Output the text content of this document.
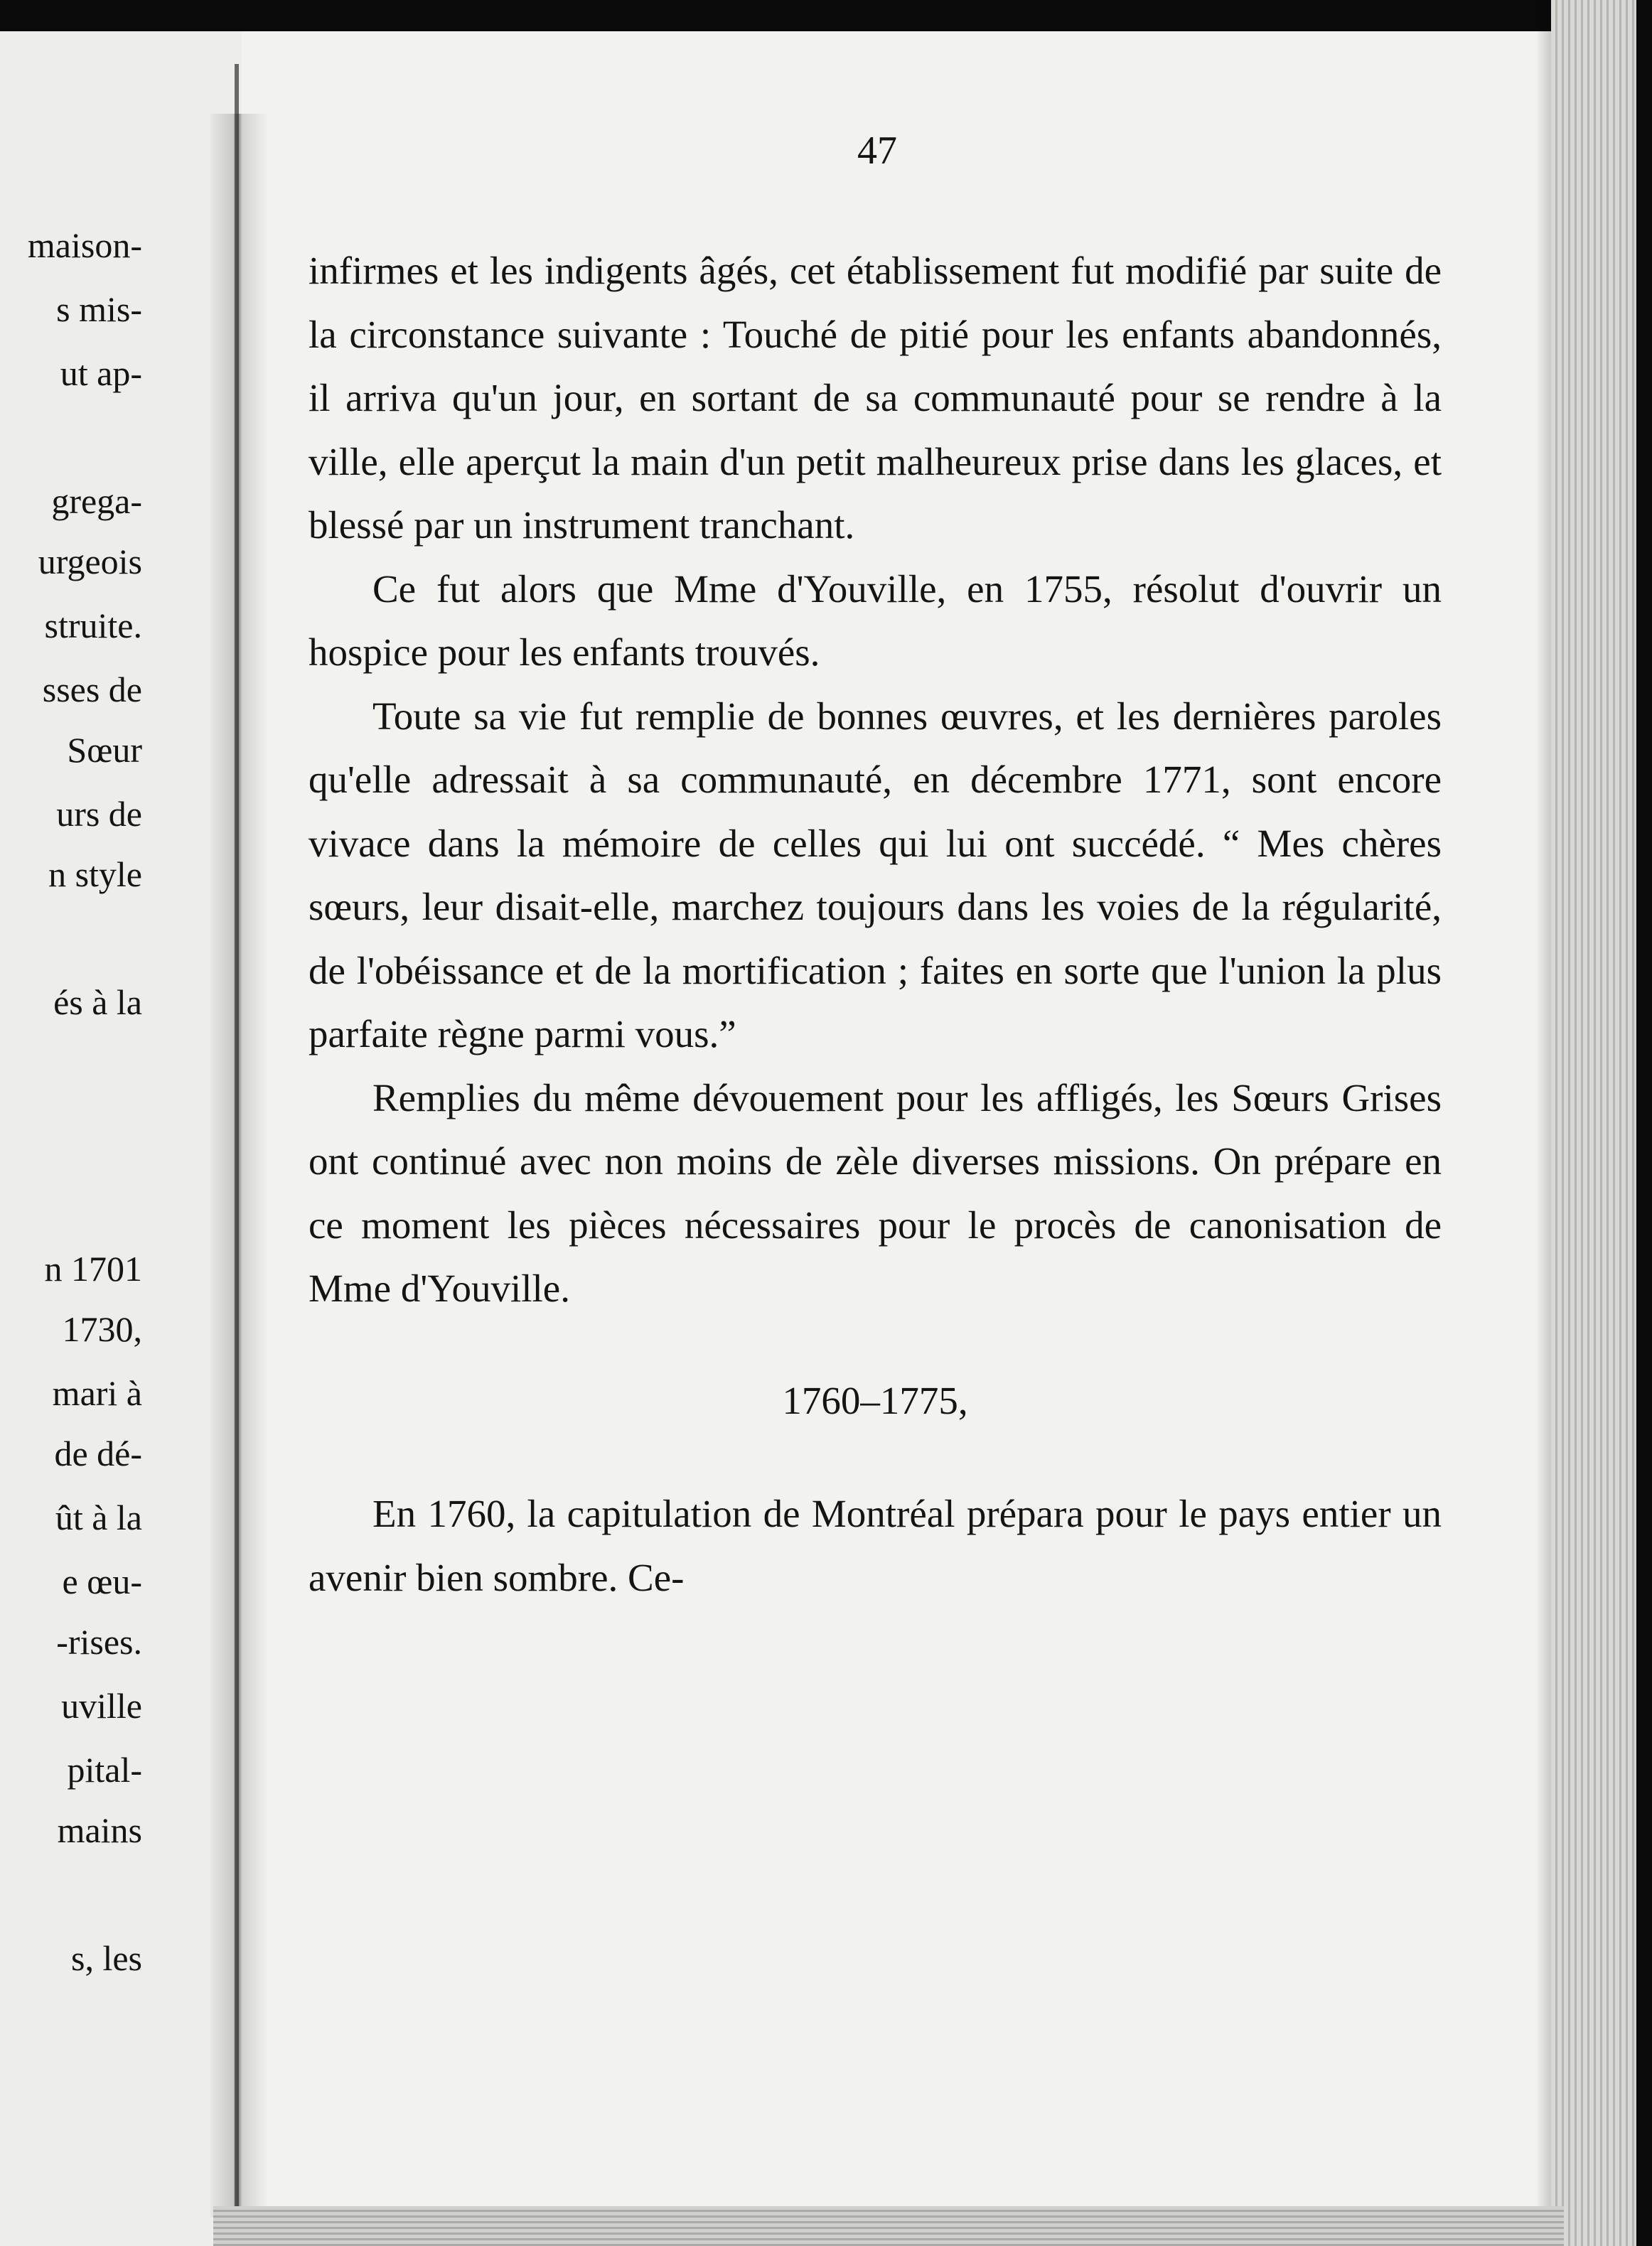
maison-
s mis-
ut ap-
grega-
urgeois
struite.
sses de
Sœur
urs de
n style
és à la
n 1701
1730,
mari à
de dé-
ût à la
e œu-
-rises.
uville
pital-
mains
s, les
47

infirmes et les indigents âgés, cet établissement fut modifié par suite de la circonstance suivante : Touché de pitié pour les enfants abandonnés, il arriva qu'un jour, en sortant de sa communauté pour se rendre à la ville, elle aperçut la main d'un petit malheureux prise dans les glaces, et blessé par un instrument tranchant.

Ce fut alors que Mme d'Youville, en 1755, résolut d'ouvrir un hospice pour les enfants trouvés.

Toute sa vie fut remplie de bonnes œuvres, et les dernières paroles qu'elle adressait à sa communauté, en décembre 1771, sont encore vivace dans la mémoire de celles qui lui ont succédé. “ Mes chères sœurs, leur disait-elle, marchez toujours dans les voies de la régularité, de l'obéissance et de la mortification ; faites en sorte que l'union la plus parfaite règne parmi vous.”

Remplies du même dévouement pour les affligés, les Sœurs Grises ont continué avec non moins de zèle diverses missions. On prépare en ce moment les pièces nécessaires pour le procès de canonisation de Mme d'Youville.

1760–1775,

En 1760, la capitulation de Montréal prépara pour le pays entier un avenir bien sombre. Ce-
